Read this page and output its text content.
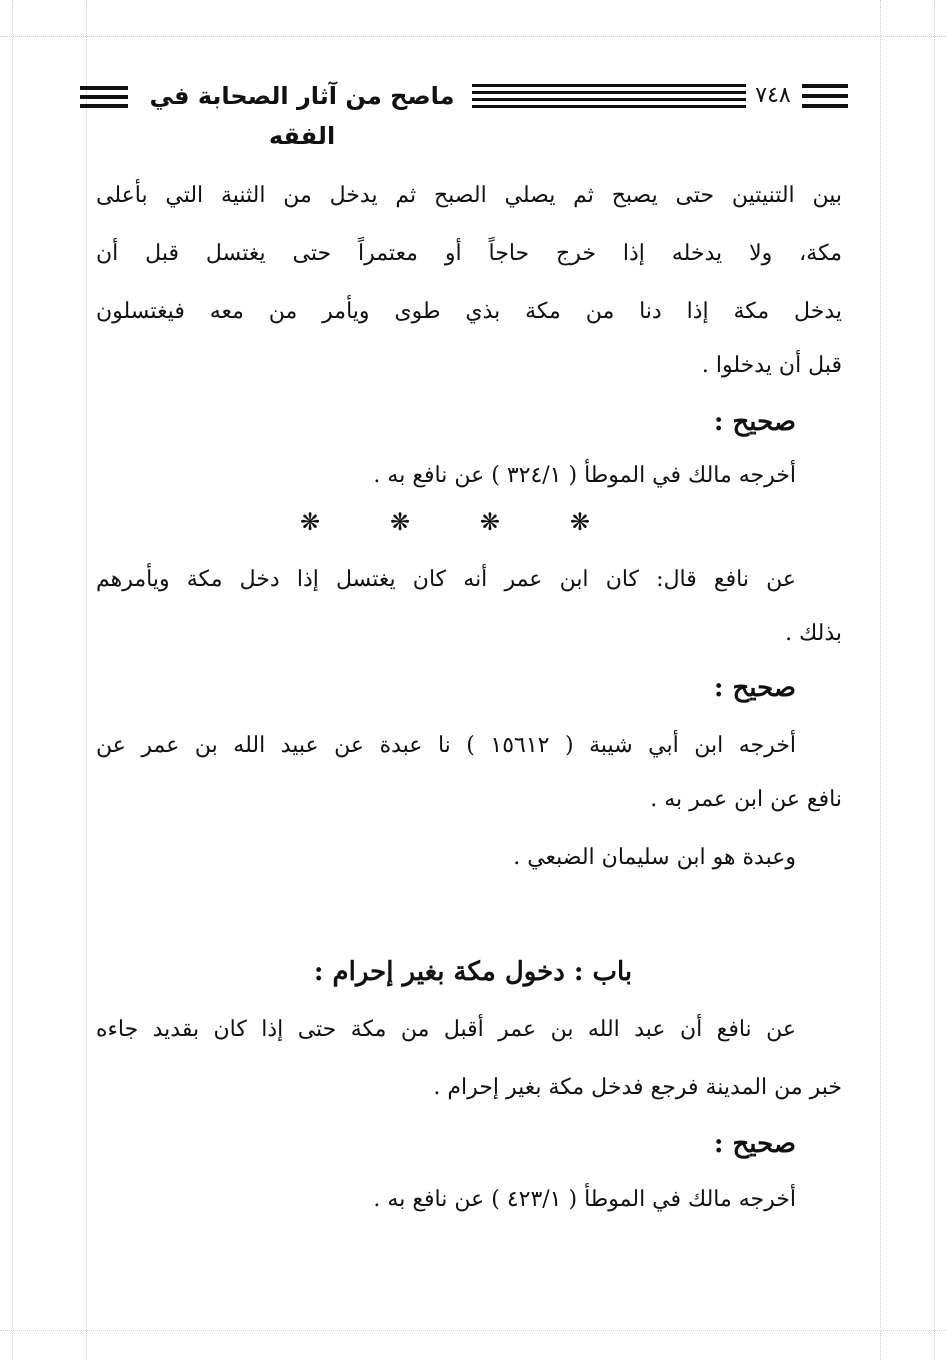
ماصح من آثار الصحابة في الفقه
٧٤٨
بين التنيتين حتى يصبح ثم يصلي الصبح ثم يدخل من الثنية التي بأعلى
مكة، ولا يدخله إذا خرج حاجاً أو معتمراً حتى يغتسل قبل أن
يدخل مكة إذا دنا من مكة بذي طوى ويأمر من معه فيغتسلون
قبل أن يدخلوا .
صحيح :
أخرجه مالك في الموطأ ( ٣٢٤/١ ) عن نافع به .
❋	❋	❋	❋
عن نافع قال: كان ابن عمر أنه كان يغتسل إذا دخل مكة ويأمرهم
بذلك .
صحيح :
أخرجه ابن أبي شيبة ( ١٥٦١٢ ) نا عبدة عن عبيد الله بن عمر عن
نافع عن ابن عمر به .
وعبدة هو ابن سليمان الضبعي .
باب : دخول مكة بغير إحرام :
عن نافع أن عبد الله بن عمر أقبل من مكة حتى إذا كان بقديد جاءه
خبر من المدينة فرجع فدخل مكة بغير إحرام .
صحيح :
أخرجه مالك في الموطأ ( ٤٢٣/١ ) عن نافع به .
